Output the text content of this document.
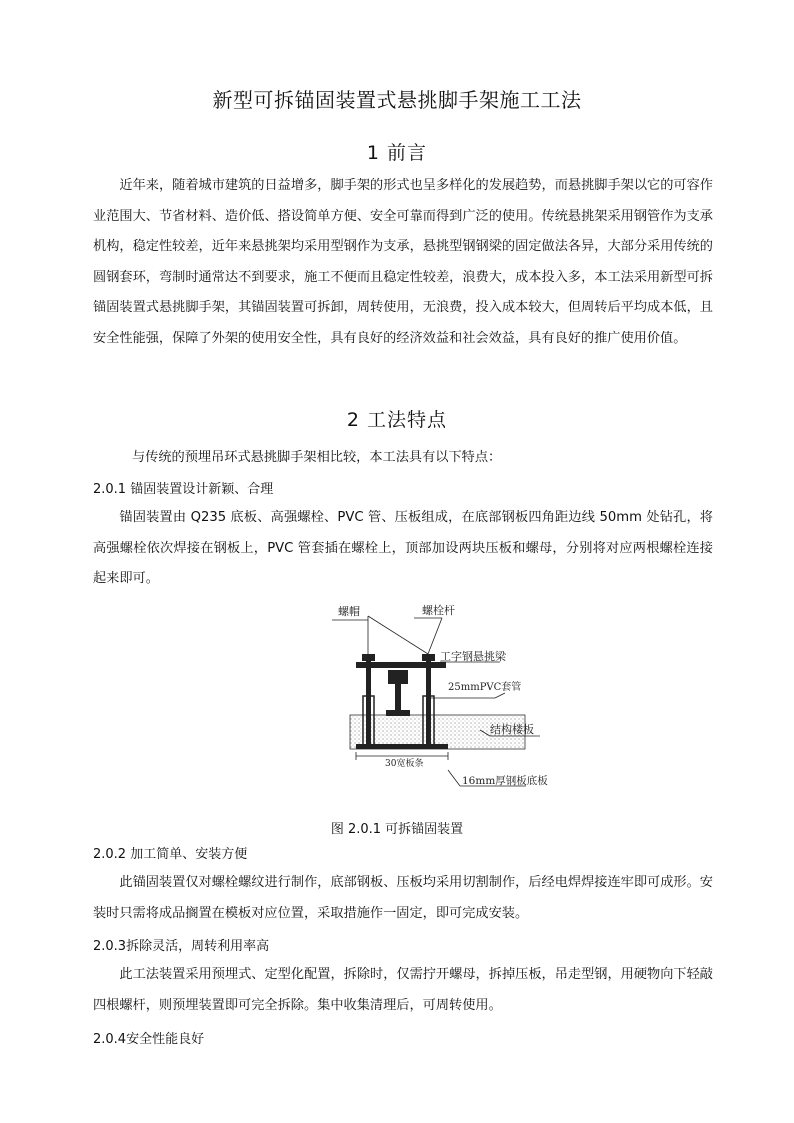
新型可拆锚固装置式悬挑脚手架施工工法
1 前言
近年来，随着城市建筑的日益增多，脚手架的形式也呈多样化的发展趋势，而悬挑脚手架以它的可容作业范围大、节省材料、造价低、搭设简单方便、安全可靠而得到广泛的使用。传统悬挑架采用钢管作为支承机构，稳定性较差，近年来悬挑架均采用型钢作为支承，悬挑型钢钢梁的固定做法各异，大部分采用传统的圆钢套环，弯制时通常达不到要求，施工不便而且稳定性较差，浪费大，成本投入多，本工法采用新型可拆锚固装置式悬挑脚手架，其锚固装置可拆卸，周转使用，无浪费，投入成本较大，但周转后平均成本低，且安全性能强，保障了外架的使用安全性，具有良好的经济效益和社会效益，具有良好的推广使用价值。
2 工法特点
与传统的预埋吊环式悬挑脚手架相比较，本工法具有以下特点：
2.0.1 锚固装置设计新颖、合理
锚固装置由 Q235 底板、高强螺栓、PVC 管、压板组成，在底部钢板四角距边线 50mm 处钻孔，将高强螺栓依次焊接在钢板上，PVC 管套插在螺栓上，顶部加设两块压板和螺母，分别将对应两根螺栓连接起来即可。
30宽板条
螺帽	螺栓杆
工字钢悬挑梁
25mmPVC套管
结构楼板
16mm厚钢板底板
图 2.0.1 可拆锚固装置
2.0.2 加工简单、安装方便
此锚固装置仅对螺栓螺纹进行制作，底部钢板、压板均采用切割制作，后经电焊焊接连牢即可成形。安装时只需将成品搁置在模板对应位置，采取措施作一固定，即可完成安装。
2.0.3拆除灵活，周转利用率高
此工法装置采用预埋式、定型化配置，拆除时，仅需拧开螺母，拆掉压板，吊走型钢，用硬物向下轻敲四根螺杆，则预埋装置即可完全拆除。集中收集清理后，可周转使用。
2.0.4安全性能良好
